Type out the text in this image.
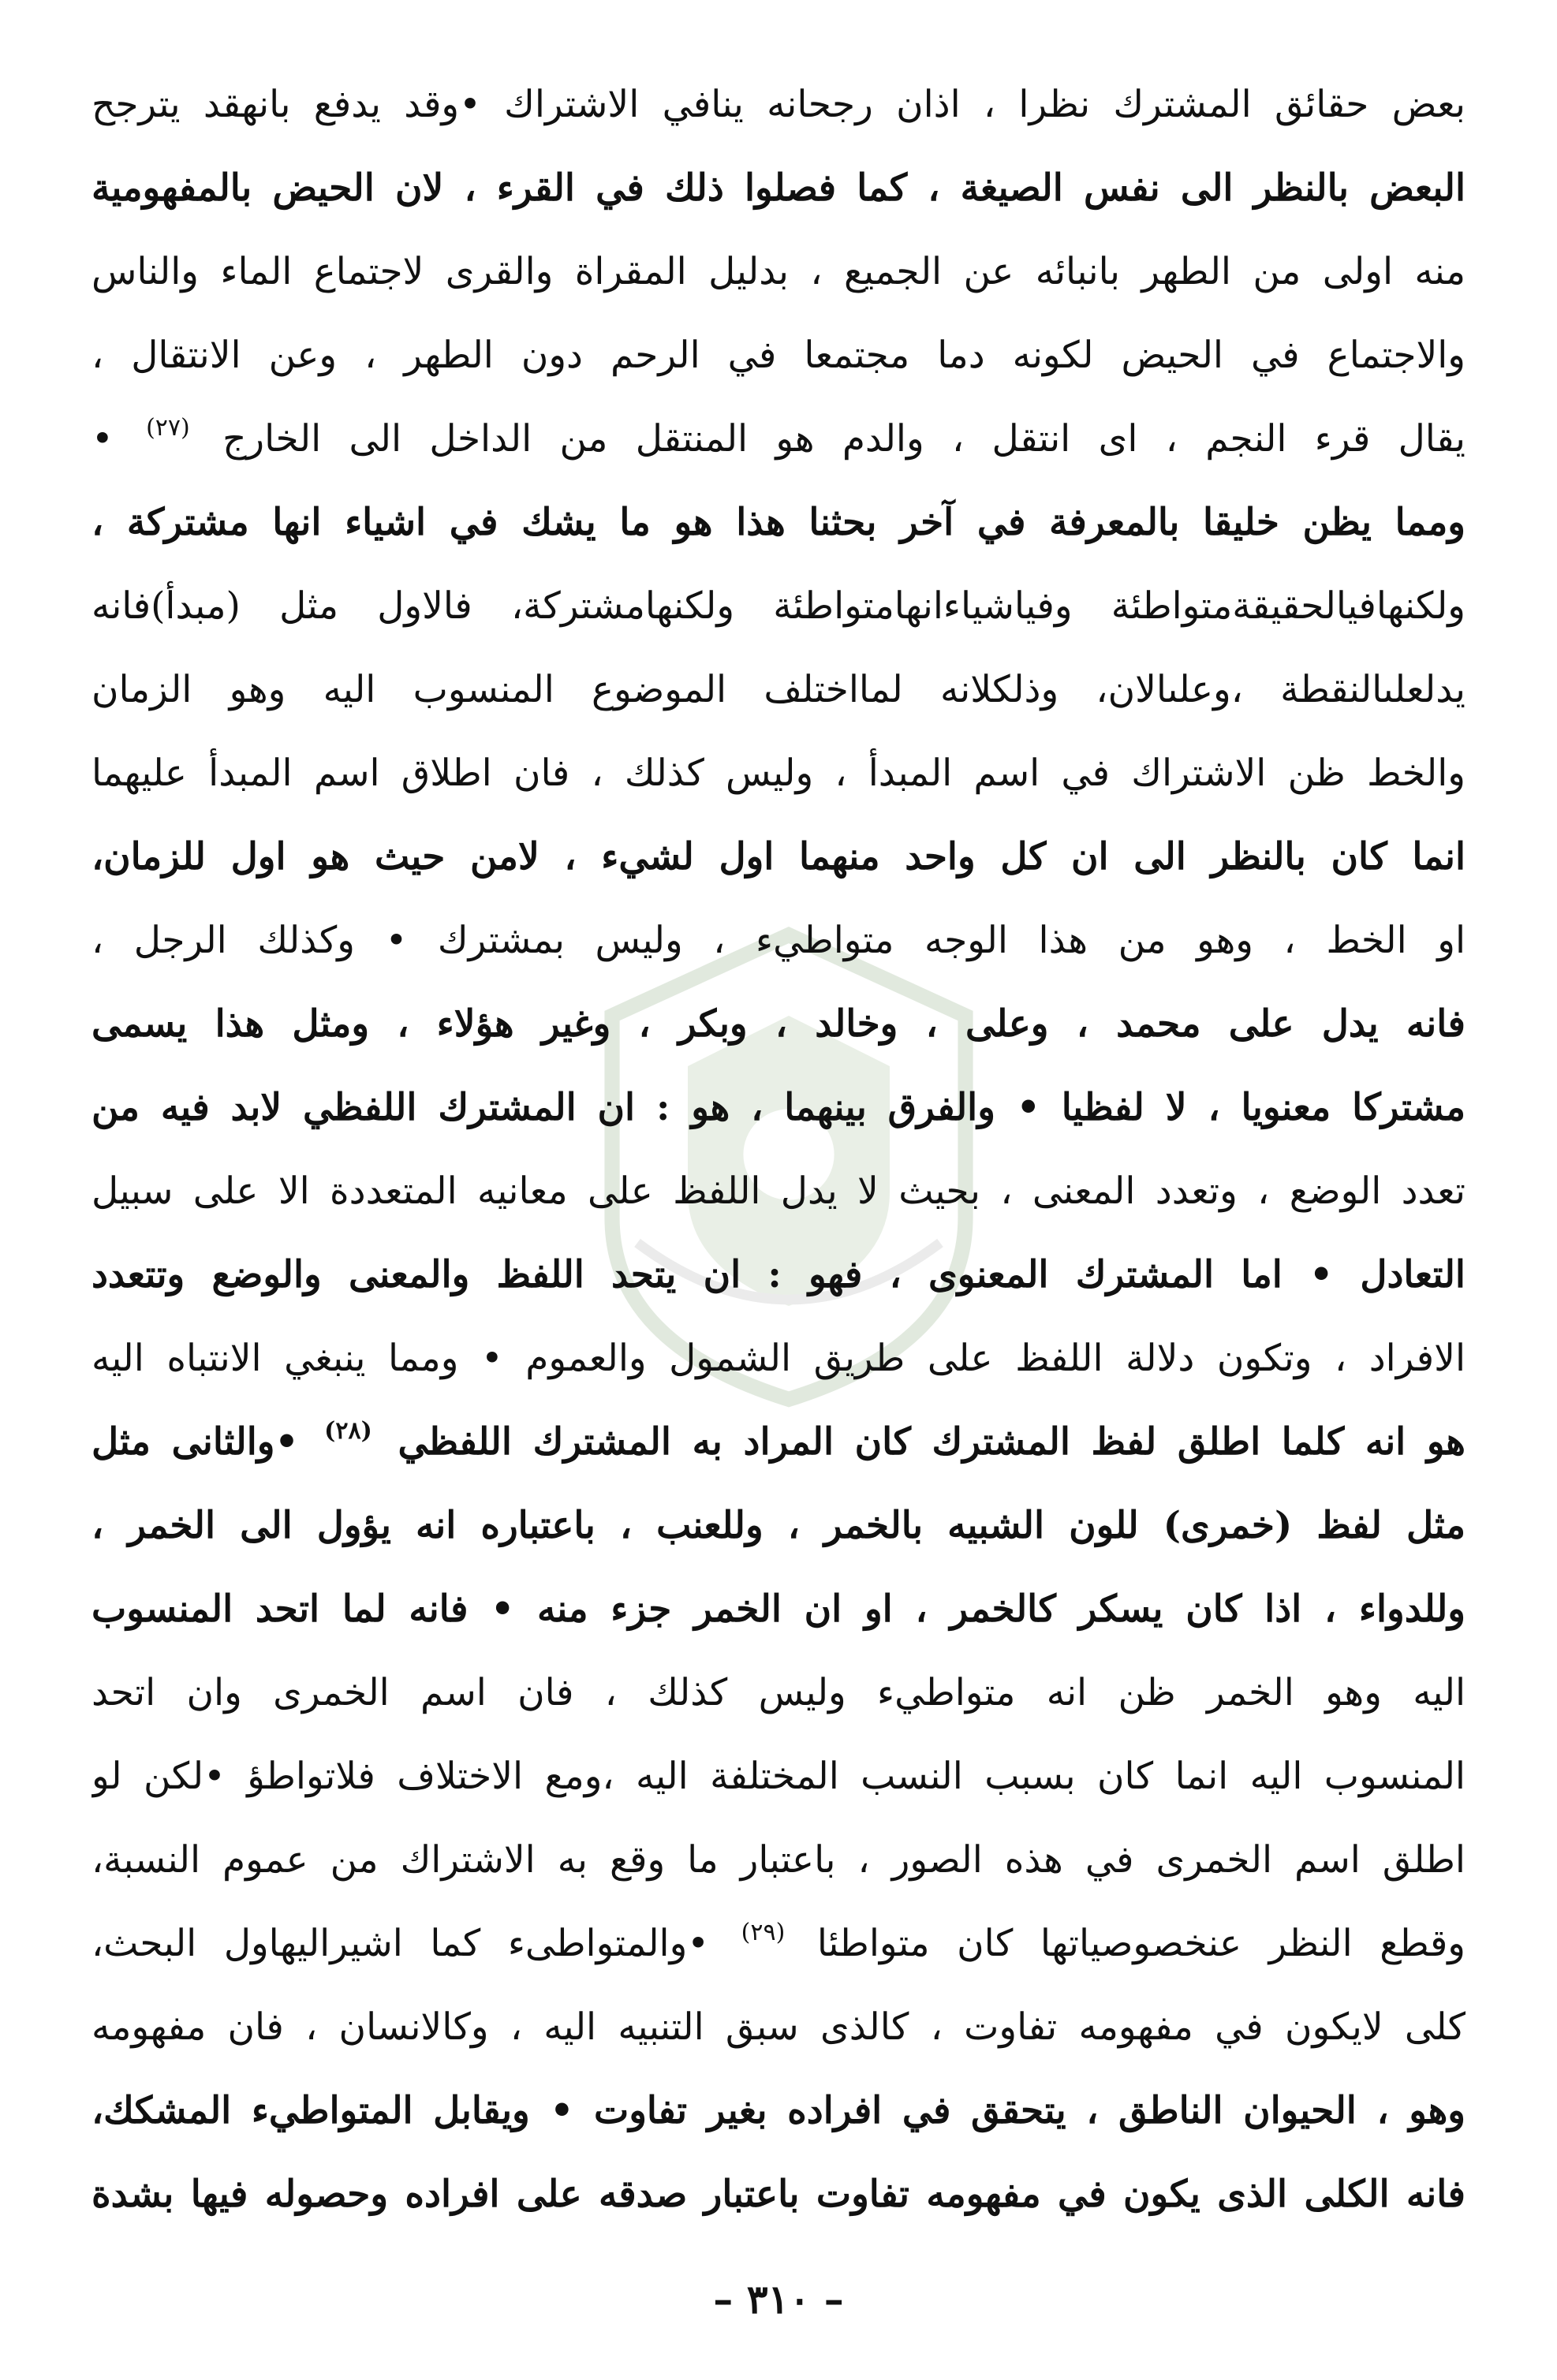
بعض حقائق المشترك نظرا ، اذان رجحانه ينافي الاشتراك •وقد يدفع بانهقد يترجح
البعض بالنظر الى نفس الصيغة ، كما فصلوا ذلك في القرء ، لان الحيض بالمفهومية
منه اولى من الطهر بانبائه عن الجميع ، بدليل المقراة والقرى لاجتماع الماء والناس
والاجتماع في الحيض لكونه دما مجتمعا في الرحم دون الطهر ، وعن الانتقال ،
يقال قرء النجم ، اى انتقل ، والدم هو المنتقل من الداخل الى الخارج $^{(٢٧)}$ •
ومما يظن خليقا بالمعرفة في آخر بحثنا هذا هو ما يشك في اشياء انها مشتركة ،
ولكنهافيالحقيقةمتواطئة وفياشياءانهامتواطئة ولكنهامشتركة، فالاول مثل (مبدأ)فانه
يدلعلىالنقطة ،وعلىالان، وذلكلانه لمااختلف الموضوع المنسوب اليه وهو الزمان
والخط ظن الاشتراك في اسم المبدأ ، وليس كذلك ، فان اطلاق اسم المبدأ عليهما
انما كان بالنظر الى ان كل واحد منهما اول لشيء ، لامن حيث هو اول للزمان،
او الخط ، وهو من هذا الوجه متواطيء ، وليس بمشترك • وكذلك الرجل ،
فانه يدل على محمد ، وعلى ، وخالد ، وبكر ، وغير هؤلاء ، ومثل هذا يسمى
مشتركا معنويا ، لا لفظيا • والفرق بينهما ، هو : ان المشترك اللفظي لابد فيه من
تعدد الوضع ، وتعدد المعنى ، بحيث لا يدل اللفظ على معانيه المتعددة الا على سبيل
التعادل • اما المشترك المعنوى ، فهو : ان يتحد اللفظ والمعنى والوضع وتتعدد
الافراد ، وتكون دلالة اللفظ على طريق الشمول والعموم • ومما ينبغي الانتباه اليه
هو انه كلما اطلق لفظ المشترك كان المراد به المشترك اللفظي $^{(٢٨)}$ •والثانى مثل
مثل لفظ (خمرى) للون الشبيه بالخمر ، وللعنب ، باعتباره انه يؤول الى الخمر ،
وللدواء ، اذا كان يسكر كالخمر ، او ان الخمر جزء منه • فانه لما اتحد المنسوب
اليه وهو الخمر ظن انه متواطيء وليس كذلك ، فان اسم الخمرى وان اتحد
المنسوب اليه انما كان بسبب النسب المختلفة اليه ،ومع الاختلاف فلاتواطؤ •لكن لو
اطلق اسم الخمرى في هذه الصور ، باعتبار ما وقع به الاشتراك من عموم النسبة،
وقطع النظر عنخصوصياتها كان متواطئا $^{(٢٩)}$ •والمتواطىء كما اشيراليهاول البحث،
كلى لايكون في مفهومه تفاوت ، كالذى سبق التنبيه اليه ، وكالانسان ، فان مفهومه
وهو ، الحيوان الناطق ، يتحقق في افراده بغير تفاوت • ويقابل المتواطيء المشكك،
فانه الكلى الذى يكون في مفهومه تفاوت باعتبار صدقه على افراده وحصوله فيها بشدة
– ٣١٠ –
